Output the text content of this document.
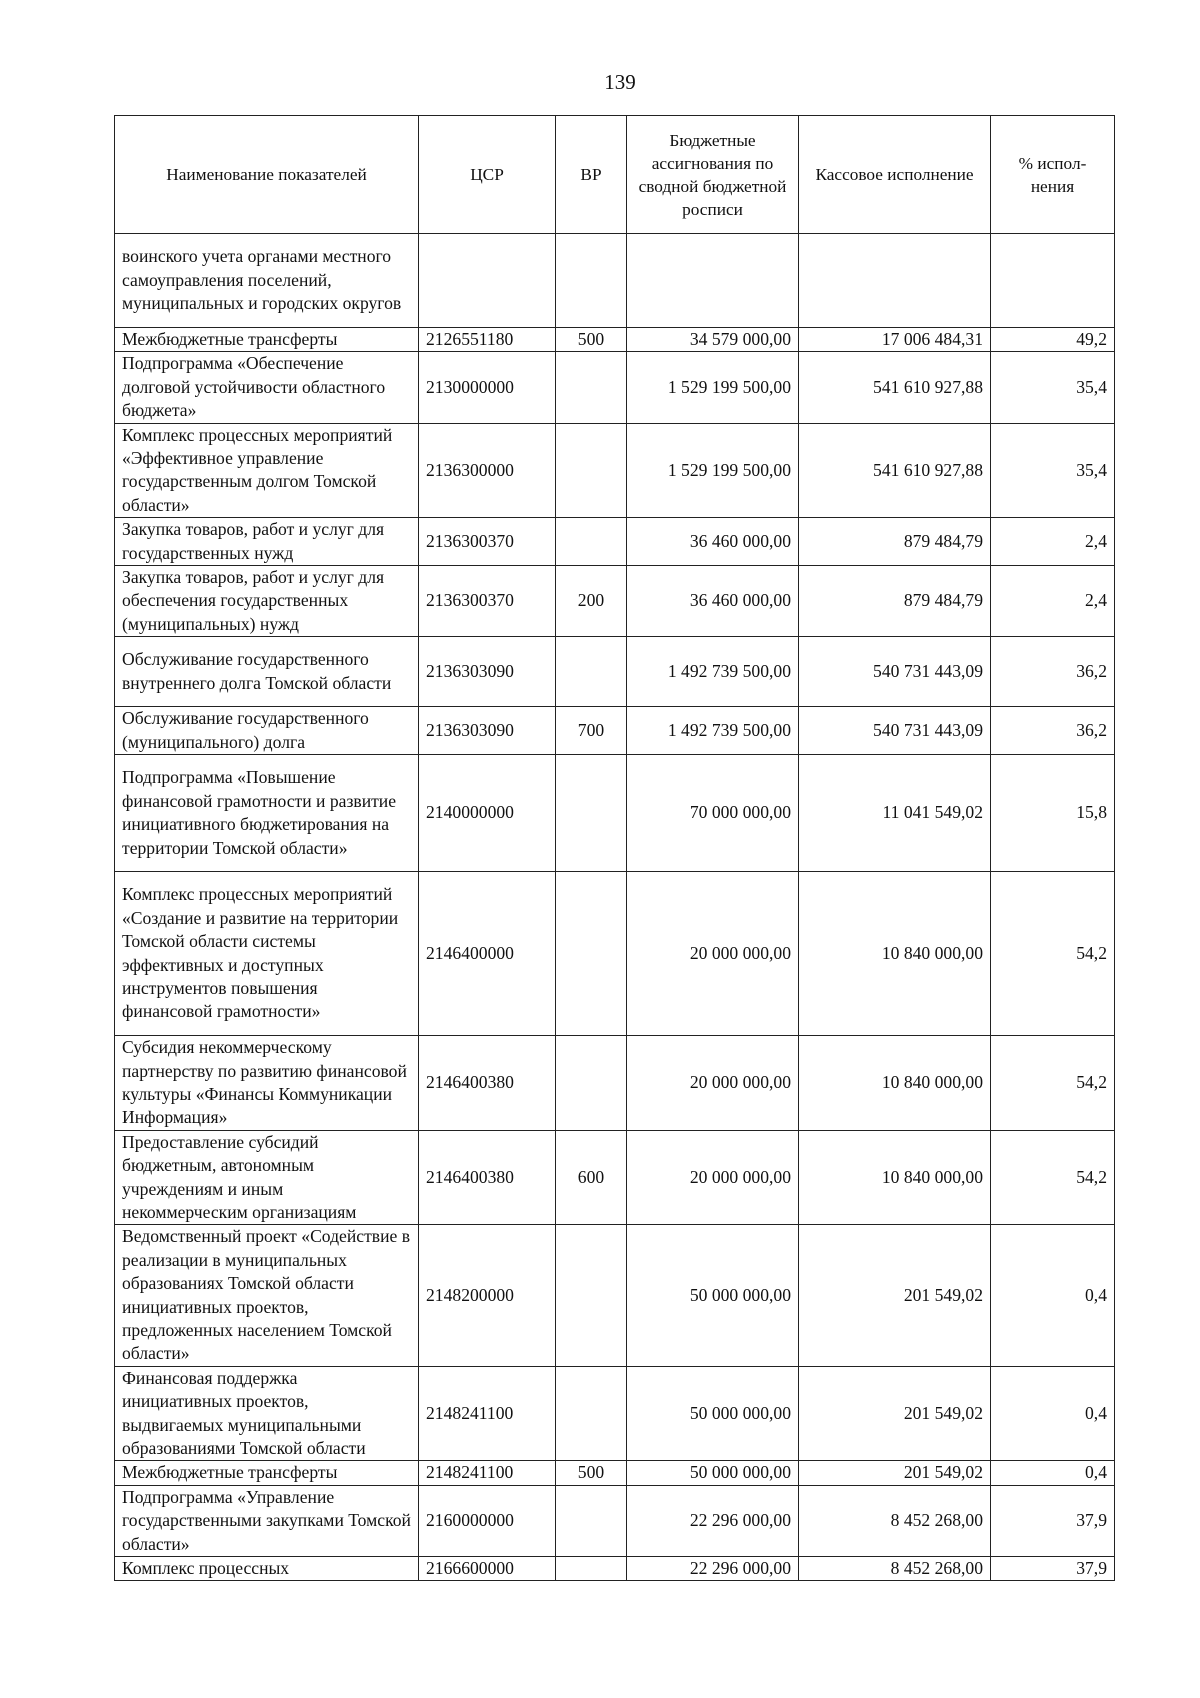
139
Наименование показателей	ЦСР	ВР	Бюджетные ассигнования по сводной бюджетной росписи	Кассовое исполнение	% испол-нения
воинского учета органами местного самоуправления поселений, муниципальных и городских округов					
Межбюджетные трансферты	2126551180	500	34 579 000,00	17 006 484,31	49,2
Подпрограмма «Обеспечение долговой устойчивости областного бюджета»	2130000000		1 529 199 500,00	541 610 927,88	35,4
Комплекс процессных мероприятий «Эффективное управление государственным долгом Томской области»	2136300000		1 529 199 500,00	541 610 927,88	35,4
Закупка товаров, работ и услуг для государственных нужд	2136300370		36 460 000,00	879 484,79	2,4
Закупка товаров, работ и услуг для обеспечения государственных (муниципальных) нужд	2136300370	200	36 460 000,00	879 484,79	2,4
Обслуживание государственного внутреннего долга Томской области	2136303090		1 492 739 500,00	540 731 443,09	36,2
Обслуживание государственного (муниципального) долга	2136303090	700	1 492 739 500,00	540 731 443,09	36,2
Подпрограмма «Повышение финансовой грамотности и развитие инициативного бюджетирования на территории Томской области»	2140000000		70 000 000,00	11 041 549,02	15,8
Комплекс процессных мероприятий «Создание и развитие на территории Томской области системы эффективных и доступных инструментов повышения финансовой грамотности»	2146400000		20 000 000,00	10 840 000,00	54,2
Субсидия некоммерческому партнерству по развитию финансовой культуры «Финансы Коммуникации Информация»	2146400380		20 000 000,00	10 840 000,00	54,2
Предоставление субсидий бюджетным, автономным учреждениям и иным некоммерческим организациям	2146400380	600	20 000 000,00	10 840 000,00	54,2
Ведомственный проект «Содействие в реализации в муниципальных образованиях Томской области инициативных проектов, предложенных населением Томской области»	2148200000		50 000 000,00	201 549,02	0,4
Финансовая поддержка инициативных проектов, выдвигаемых муниципальными образованиями Томской области	2148241100		50 000 000,00	201 549,02	0,4
Межбюджетные трансферты	2148241100	500	50 000 000,00	201 549,02	0,4
Подпрограмма «Управление государственными закупками Томской области»	2160000000		22 296 000,00	8 452 268,00	37,9
Комплекс процессных	2166600000		22 296 000,00	8 452 268,00	37,9
